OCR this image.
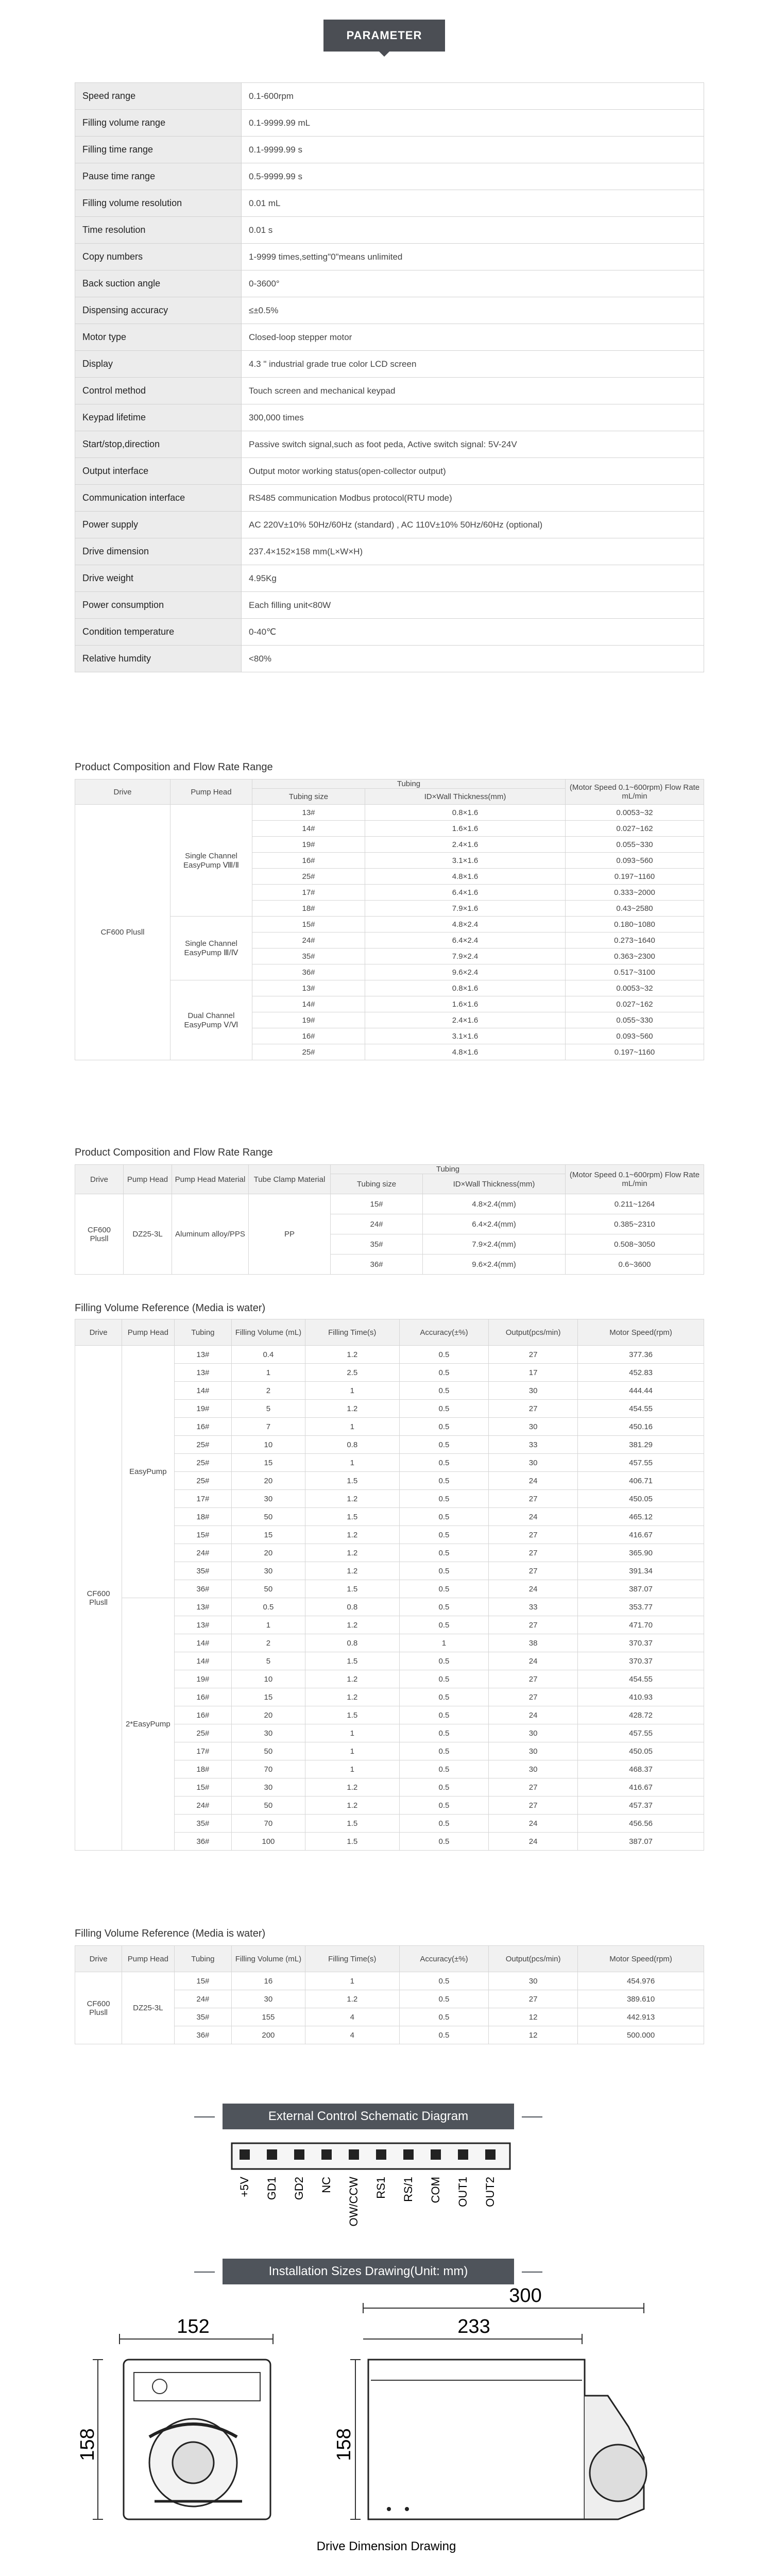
PARAMETER
Speed range	0.1-600rpm
Filling volume range	0.1-9999.99 mL
Filling time range	0.1-9999.99 s
Pause time range	0.5-9999.99 s
Filling volume resolution	0.01 mL
Time resolution	0.01 s
Copy numbers	1-9999 times,setting"0"means unlimited
Back suction angle	0-3600°
Dispensing accuracy	≤±0.5%
Motor type	Closed-loop stepper motor
Display	4.3 " industrial grade true color LCD screen
Control method	Touch screen and mechanical keypad
Keypad lifetime	300,000 times
Start/stop,direction	Passive switch signal,such as foot peda, Active switch signal: 5V-24V
Output interface	Output motor working status(open-collector output)
Communication interface	RS485 communication Modbus protocol(RTU mode)
Power supply	AC 220V±10% 50Hz/60Hz (standard) , AC 110V±10% 50Hz/60Hz (optional)
Drive dimension	237.4×152×158 mm(L×W×H)
Drive weight	4.95Kg
Power consumption	Each filling unit<80W
Condition temperature	0-40℃
Relative humdity	<80%
Product Composition and Flow Rate Range
Drive	Pump Head	Tubing		(Motor Speed 0.1~600rpm) Flow Rate mL/min
		Tubing size	ID×Wall Thickness(mm)	
CF600 Plusll	Single Channel EasyPump Ⅷ/Ⅱ	13#	0.8×1.6	0.0053~32
		14#	1.6×1.6	0.027~162
		19#	2.4×1.6	0.055~330
		16#	3.1×1.6	0.093~560
		25#	4.8×1.6	0.197~1160
		17#	6.4×1.6	0.333~2000
		18#	7.9×1.6	0.43~2580
	Single Channel EasyPump Ⅲ/Ⅳ	15#	4.8×2.4	0.180~1080
		24#	6.4×2.4	0.273~1640
		35#	7.9×2.4	0.363~2300
		36#	9.6×2.4	0.517~3100
	Dual Channel EasyPump Ⅴ/Ⅵ	13#	0.8×1.6	0.0053~32
		14#	1.6×1.6	0.027~162
		19#	2.4×1.6	0.055~330
		16#	3.1×1.6	0.093~560
		25#	4.8×1.6	0.197~1160
Product Composition and Flow Rate Range
Drive	Pump Head	Pump Head Material	Tube Clamp Material	Tubing		(Motor Speed 0.1~600rpm) Flow Rate mL/min
				Tubing size	ID×Wall Thickness(mm)	
CF600 Plusll	DZ25-3L	Aluminum alloy/PPS	PP	15#	4.8×2.4(mm)	0.211~1264
				24#	6.4×2.4(mm)	0.385~2310
				35#	7.9×2.4(mm)	0.508~3050
				36#	9.6×2.4(mm)	0.6~3600
Filling Volume Reference (Media is water)
Drive	Pump Head	Tubing	Filling Volume (mL)	Filling Time(s)	Accuracy(±%)	Output(pcs/min)	Motor Speed(rpm)
CF600 Plusll	EasyPump	13#	0.4	1.2	0.5	27	377.36
		13#	1	2.5	0.5	17	452.83
		14#	2	1	0.5	30	444.44
		19#	5	1.2	0.5	27	454.55
		16#	7	1	0.5	30	450.16
		25#	10	0.8	0.5	33	381.29
		25#	15	1	0.5	30	457.55
		25#	20	1.5	0.5	24	406.71
		17#	30	1.2	0.5	27	450.05
		18#	50	1.5	0.5	24	465.12
		15#	15	1.2	0.5	27	416.67
		24#	20	1.2	0.5	27	365.90
		35#	30	1.2	0.5	27	391.34
		36#	50	1.5	0.5	24	387.07
	2*EasyPump	13#	0.5	0.8	0.5	33	353.77
		13#	1	1.2	0.5	27	471.70
		14#	2	0.8	1	38	370.37
		14#	5	1.5	0.5	24	370.37
		19#	10	1.2	0.5	27	454.55
		16#	15	1.2	0.5	27	410.93
		16#	20	1.5	0.5	24	428.72
		25#	30	1	0.5	30	457.55
		17#	50	1	0.5	30	450.05
		18#	70	1	0.5	30	468.37
		15#	30	1.2	0.5	27	416.67
		24#	50	1.2	0.5	27	457.37
		35#	70	1.5	0.5	24	456.56
		36#	100	1.5	0.5	24	387.07
Filling Volume Reference (Media is water)
Drive	Pump Head	Tubing	Filling Volume (mL)	Filling Time(s)	Accuracy(±%)	Output(pcs/min)	Motor Speed(rpm)
CF600 Plusll	DZ25-3L	15#	16	1	0.5	30	454.976
		24#	30	1.2	0.5	27	389.610
		35#	155	4	0.5	12	442.913
		36#	200	4	0.5	12	500.000
External Control Schematic Diagram
+5V GD1 GD2 NC OW/CCW RS1 RS/1 COM OUT1 OUT2
Installation Sizes Drawing(Unit: mm)
152
158
300
233
158
Drive Dimension Drawing
